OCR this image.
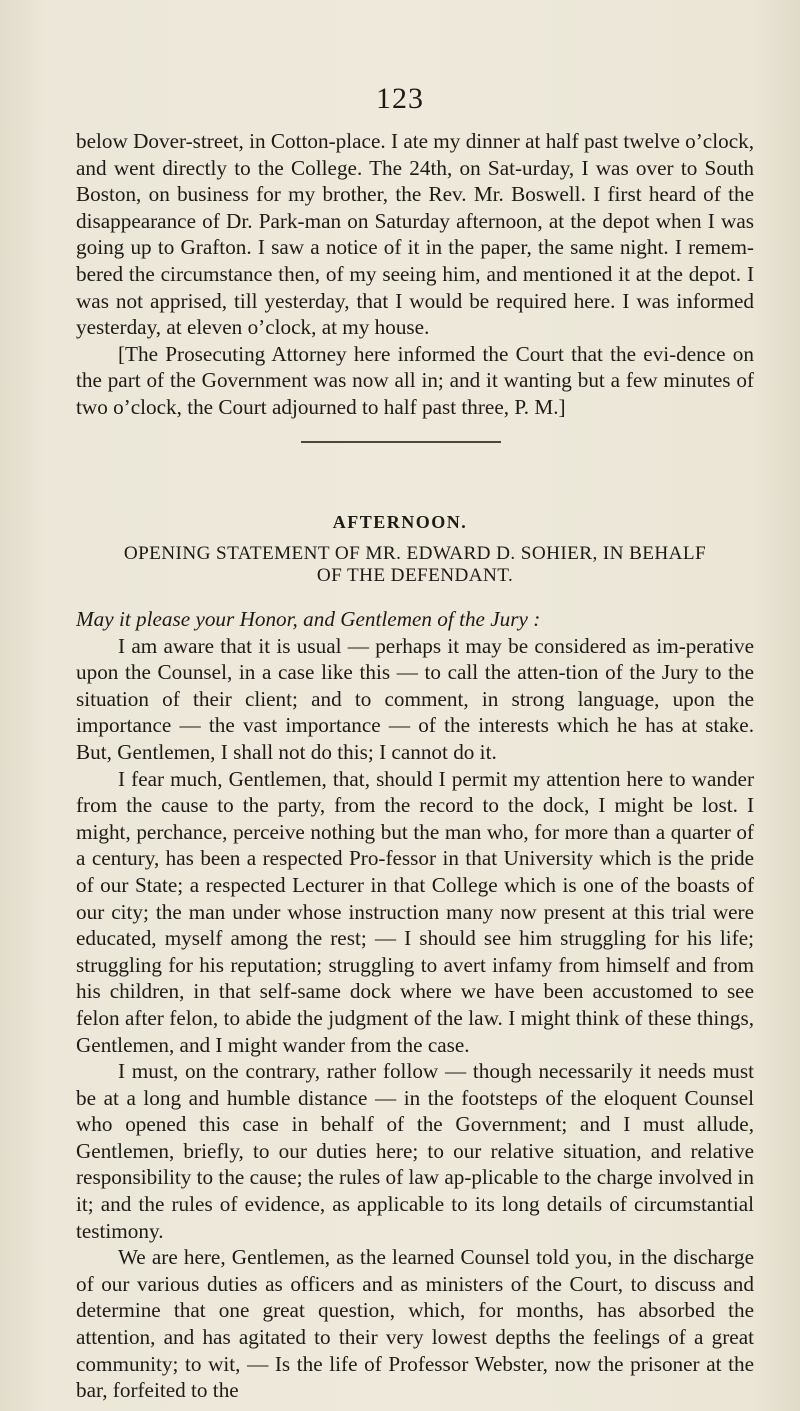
123

below Dover-street, in Cotton-place. I ate my dinner at half past twelve o’clock, and went directly to the College. The 24th, on Sat-urday, I was over to South Boston, on business for my brother, the Rev. Mr. Boswell. I first heard of the disappearance of Dr. Park-man on Saturday afternoon, at the depot when I was going up to Grafton. I saw a notice of it in the paper, the same night. I remem-bered the circumstance then, of my seeing him, and mentioned it at the depot. I was not apprised, till yesterday, that I would be required here. I was informed yesterday, at eleven o’clock, at my house.

[The Prosecuting Attorney here informed the Court that the evi-dence on the part of the Government was now all in; and it wanting but a few minutes of two o’clock, the Court adjourned to half past three, P. M.]

AFTERNOON.
OPENING STATEMENT OF MR. EDWARD D. SOHIER, IN BEHALF
OF THE DEFENDANT.

May it please your Honor, and Gentlemen of the Jury :

I am aware that it is usual — perhaps it may be considered as im-perative upon the Counsel, in a case like this — to call the atten-tion of the Jury to the situation of their client; and to comment, in strong language, upon the importance — the vast importance — of the interests which he has at stake. But, Gentlemen, I shall not do this; I cannot do it.

I fear much, Gentlemen, that, should I permit my attention here to wander from the cause to the party, from the record to the dock, I might be lost. I might, perchance, perceive nothing but the man who, for more than a quarter of a century, has been a respected Pro-fessor in that University which is the pride of our State; a respected Lecturer in that College which is one of the boasts of our city; the man under whose instruction many now present at this trial were educated, myself among the rest; — I should see him struggling for his life; struggling for his reputation; struggling to avert infamy from himself and from his children, in that self-same dock where we have been accustomed to see felon after felon, to abide the judgment of the law. I might think of these things, Gentlemen, and I might wander from the case.

I must, on the contrary, rather follow — though necessarily it needs must be at a long and humble distance — in the footsteps of the eloquent Counsel who opened this case in behalf of the Government; and I must allude, Gentlemen, briefly, to our duties here; to our relative situation, and relative responsibility to the cause; the rules of law ap-plicable to the charge involved in it; and the rules of evidence, as applicable to its long details of circumstantial testimony.

We are here, Gentlemen, as the learned Counsel told you, in the discharge of our various duties as officers and as ministers of the Court, to discuss and determine that one great question, which, for months, has absorbed the attention, and has agitated to their very lowest depths the feelings of a great community; to wit, — Is the life of Professor Webster, now the prisoner at the bar, forfeited to the
